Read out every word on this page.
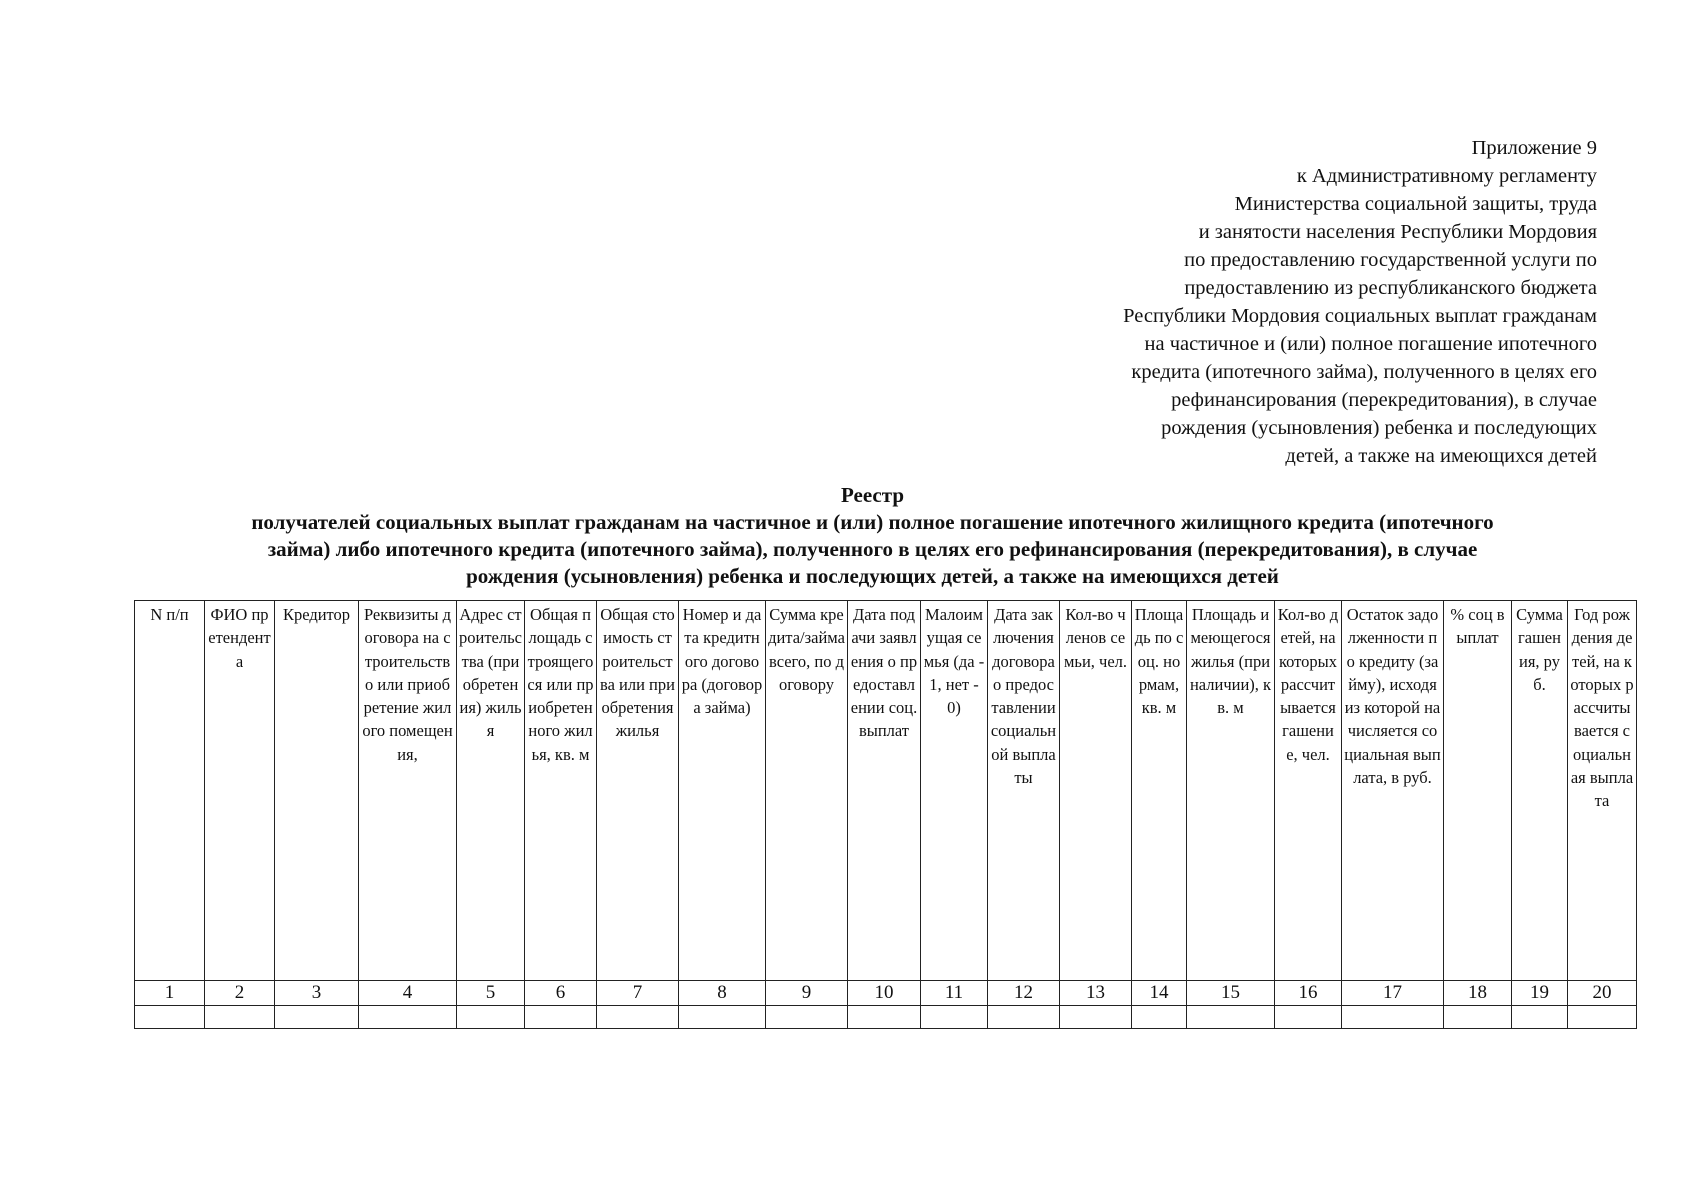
Приложение 9
к Административному регламенту
Министерства социальной защиты, труда
и занятости населения Республики Мордовия
по предоставлению государственной услуги по
предоставлению из республиканского бюджета
Республики Мордовия социальных выплат гражданам
на частичное и (или) полное погашение ипотечного
кредита (ипотечного займа), полученного в целях его
рефинансирования (перекредитования), в случае
рождения (усыновления) ребенка и последующих
детей, а также на имеющихся детей
Реестр
получателей социальных выплат гражданам на частичное и (или) полное погашение ипотечного жилищного кредита (ипотечного
займа) либо ипотечного кредита (ипотечного займа), полученного в целях его рефинансирования (перекредитования), в случае
рождения (усыновления) ребенка и последующих детей, а также на имеющихся детей
N п/п	ФИО претендента	Кредитор	Реквизиты договора на строительство или приобретение жилого помещения,	Адрес строительства (приобретения) жилья	Общая площадь строящегося или приобретенного жилья, кв. м	Общая стоимость строительства или приобретения жилья	Номер и дата кредитного договора (договора займа)	Сумма кредита/займа всего, по договору	Дата подачи заявления о предоставлении соц. выплат	Малоимущая семья (да - 1, нет - 0)	Дата заключения договора о предоставлении социальной выплаты	Кол-во членов семьи, чел.	Площадь по соц. нормам, кв. м	Площадь имеющегося жилья (при наличии), кв. м	Кол-во детей, на которых рассчитывается гашение, чел.	Остаток задолженности по кредиту (займу), исходя из которой начисляется социальная выплата, в руб.	% соц выплат	Сумма гашения, руб.	Год рождения детей, на которых рассчитывается социальная выплата
1	2	3	4	5	6	7	8	9	10	11	12	13	14	15	16	17	18	19	20
